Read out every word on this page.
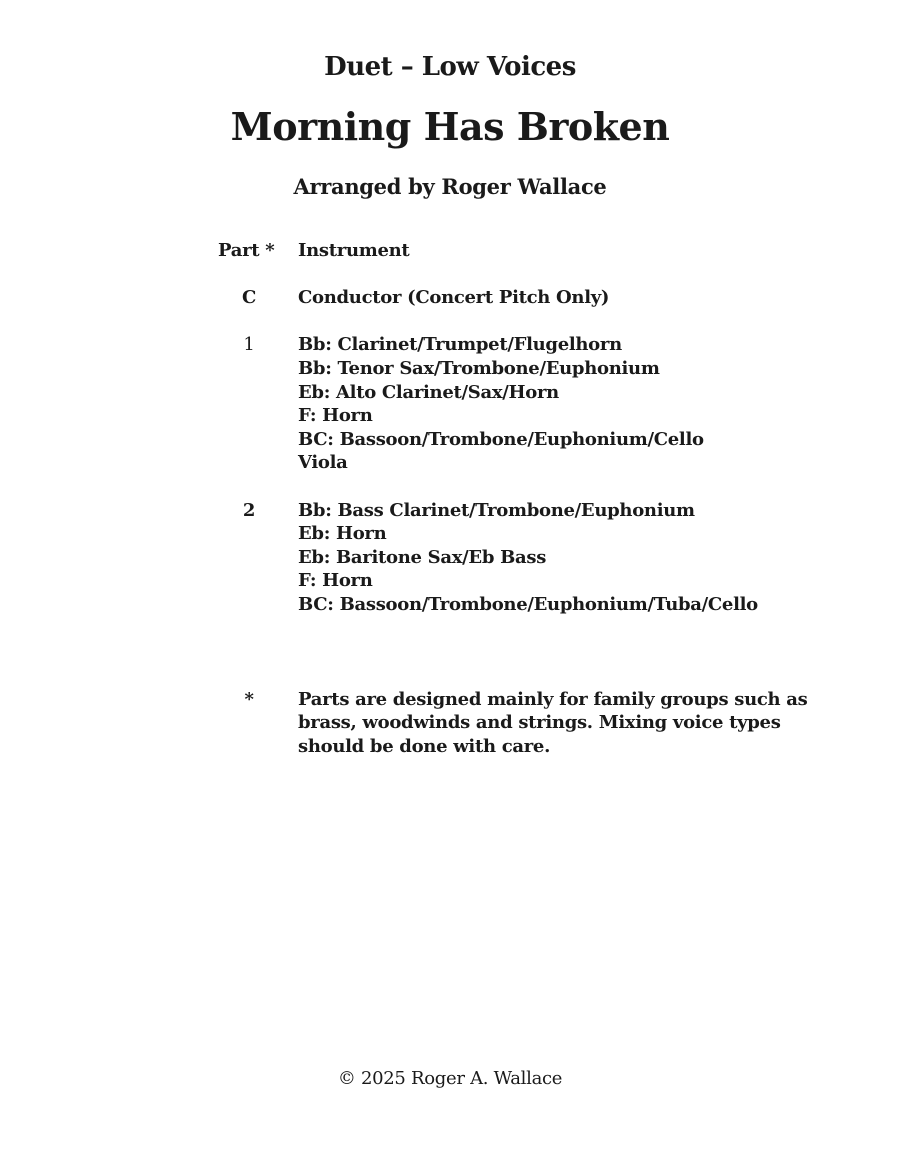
Duet – Low Voices
Morning Has Broken
Arranged by Roger Wallace
Part *	Instrument
C	Conductor (Concert Pitch Only)
1	Bb: Clarinet/Trumpet/Flugelhorn
Bb: Tenor Sax/Trombone/Euphonium
Eb: Alto Clarinet/Sax/Horn
F: Horn
BC: Bassoon/Trombone/Euphonium/Cello
Viola
2	Bb: Bass Clarinet/Trombone/Euphonium
Eb: Horn
Eb: Baritone Sax/Eb Bass
F: Horn
BC: Bassoon/Trombone/Euphonium/Tuba/Cello
*	Parts are designed mainly for family groups such as brass, woodwinds and strings. Mixing voice types should be done with care.
© 2025 Roger A. Wallace
